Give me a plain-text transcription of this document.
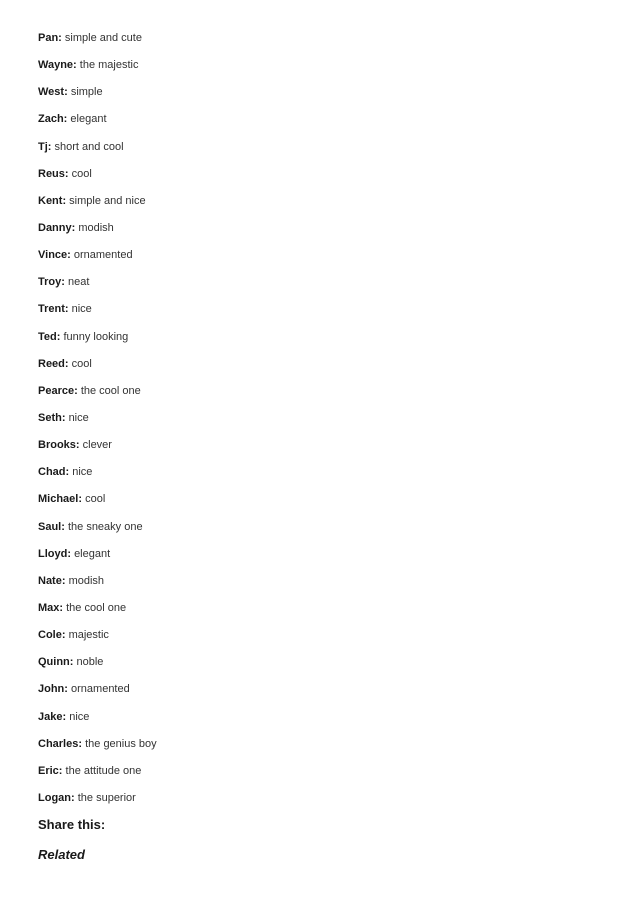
Pan: simple and cute
Wayne: the majestic
West: simple
Zach: elegant
Tj: short and cool
Reus: cool
Kent: simple and nice
Danny: modish
Vince: ornamented
Troy: neat
Trent: nice
Ted: funny looking
Reed: cool
Pearce: the cool one
Seth: nice
Brooks: clever
Chad: nice
Michael: cool
Saul: the sneaky one
Lloyd: elegant
Nate: modish
Max: the cool one
Cole: majestic
Quinn: noble
John: ornamented
Jake: nice
Charles: the genius boy
Eric: the attitude one
Logan: the superior
Share this:
Related
